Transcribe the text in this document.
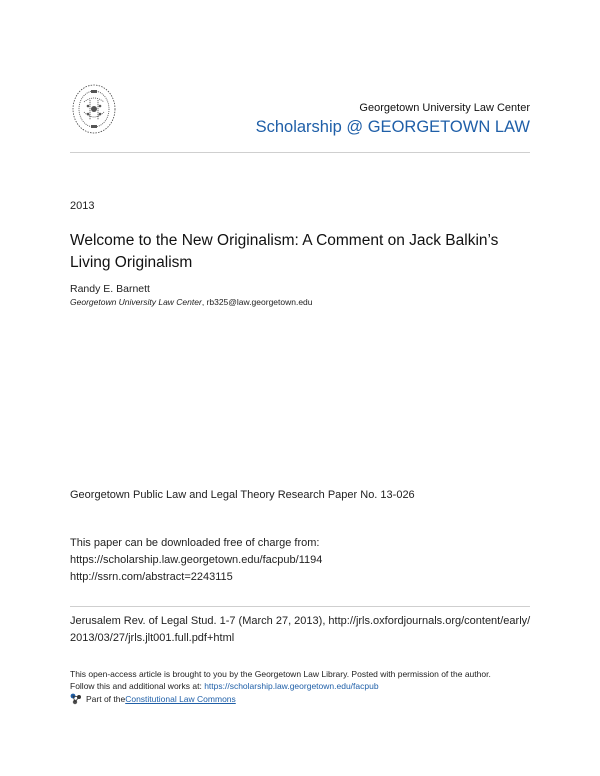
Georgetown University Law Center
Scholarship @ GEORGETOWN LAW
2013
Welcome to the New Originalism: A Comment on Jack Balkin’s Living Originalism
Randy E. Barnett
Georgetown University Law Center, rb325@law.georgetown.edu
Georgetown Public Law and Legal Theory Research Paper No. 13-026
This paper can be downloaded free of charge from:
https://scholarship.law.georgetown.edu/facpub/1194
http://ssrn.com/abstract=2243115
Jerusalem Rev. of Legal Stud. 1-7 (March 27, 2013), http://jrls.oxfordjournals.org/content/early/ 2013/03/27/jrls.jlt001.full.pdf+html
This open-access article is brought to you by the Georgetown Law Library. Posted with permission of the author.
Follow this and additional works at: https://scholarship.law.georgetown.edu/facpub
Part of the Constitutional Law Commons
